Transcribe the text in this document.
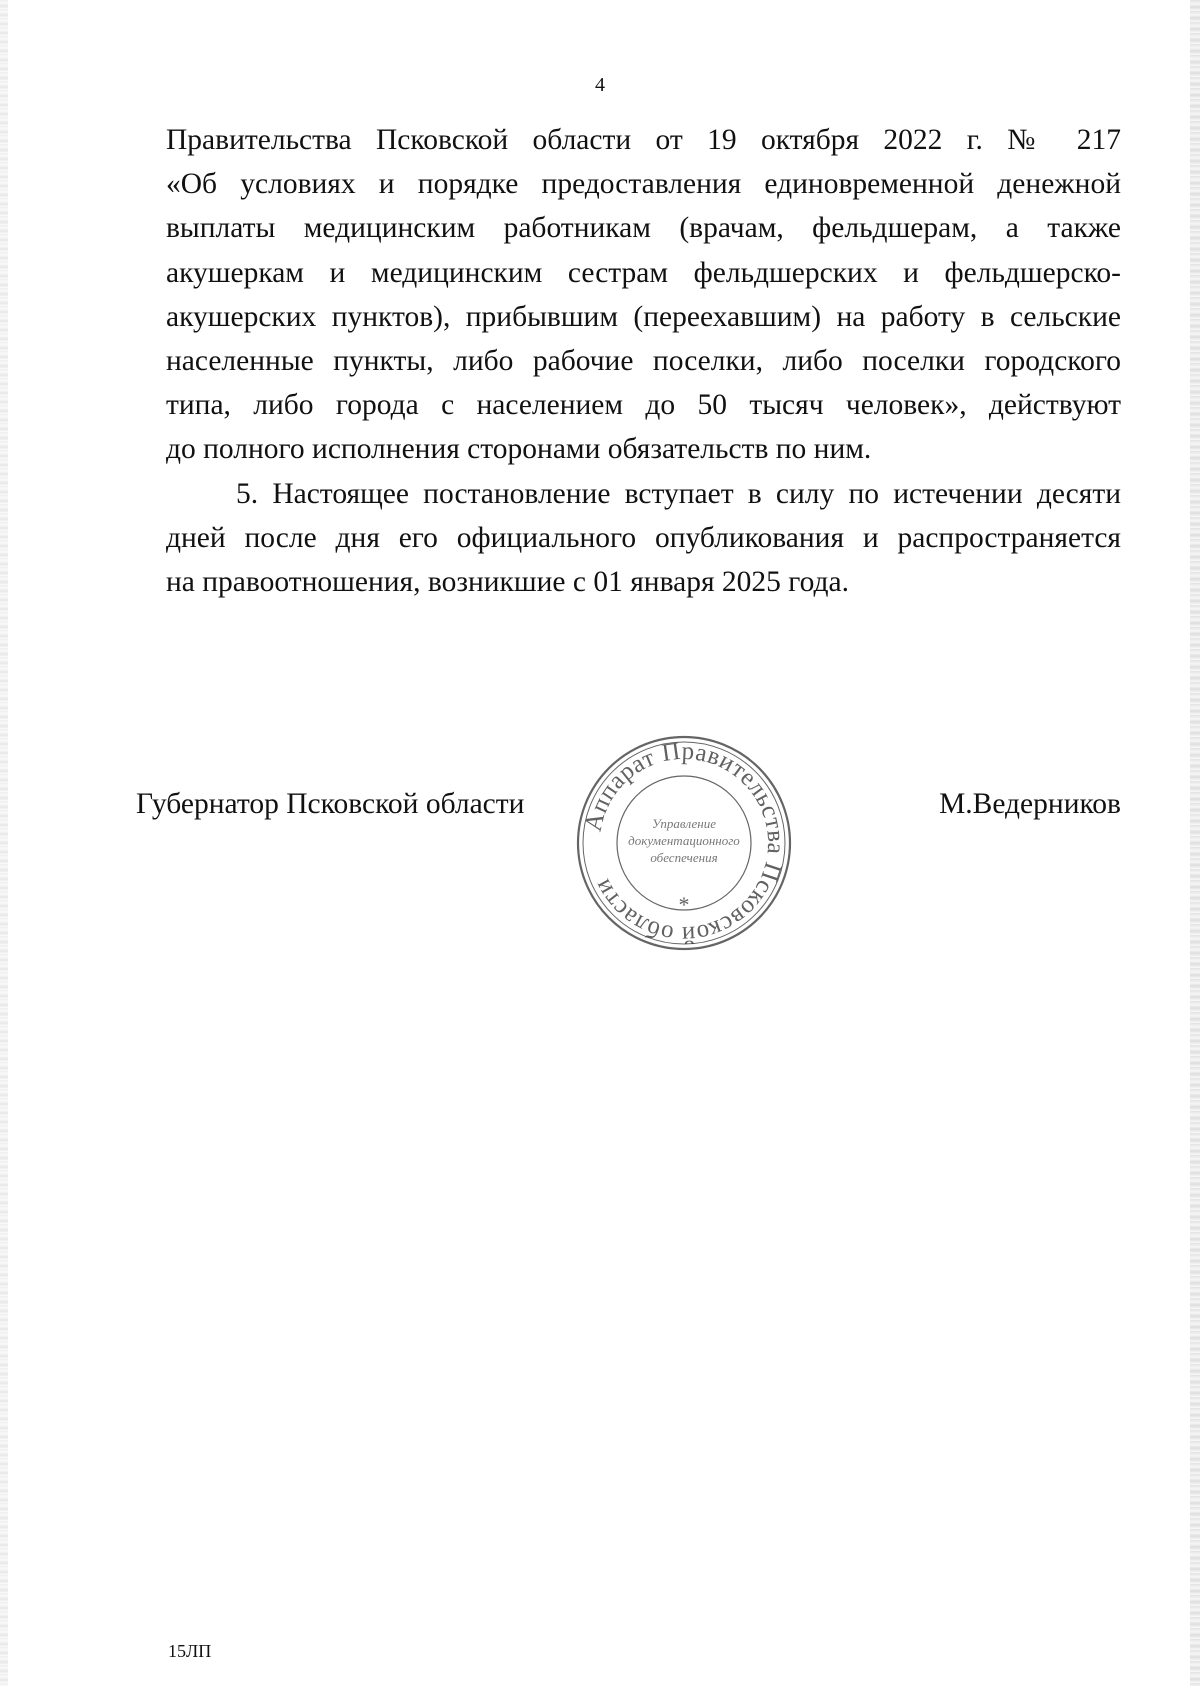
4

Правительства Псковской области от 19 октября 2022 г. № 217
«Об условиях и порядке предоставления единовременной денежной
выплаты медицинским работникам (врачам, фельдшерам, а также
акушеркам и медицинским сестрам фельдшерских и фельдшерско-
акушерских пунктов), прибывшим (переехавшим) на работу в сельские
населенные пункты, либо рабочие поселки, либо поселки городского
типа, либо города с населением до 50 тысяч человек», действуют
до полного исполнения сторонами обязательств по ним.

5. Настоящее постановление вступает в силу по истечении десяти
дней после дня его официального опубликования и распространяется
на правоотношения, возникшие с 01 января 2025 года.

Губернатор Псковской области	М.Ведерников
Аппарат Правительства Псковской области
*
Управление
документационного
обеспечения
15ЛП
